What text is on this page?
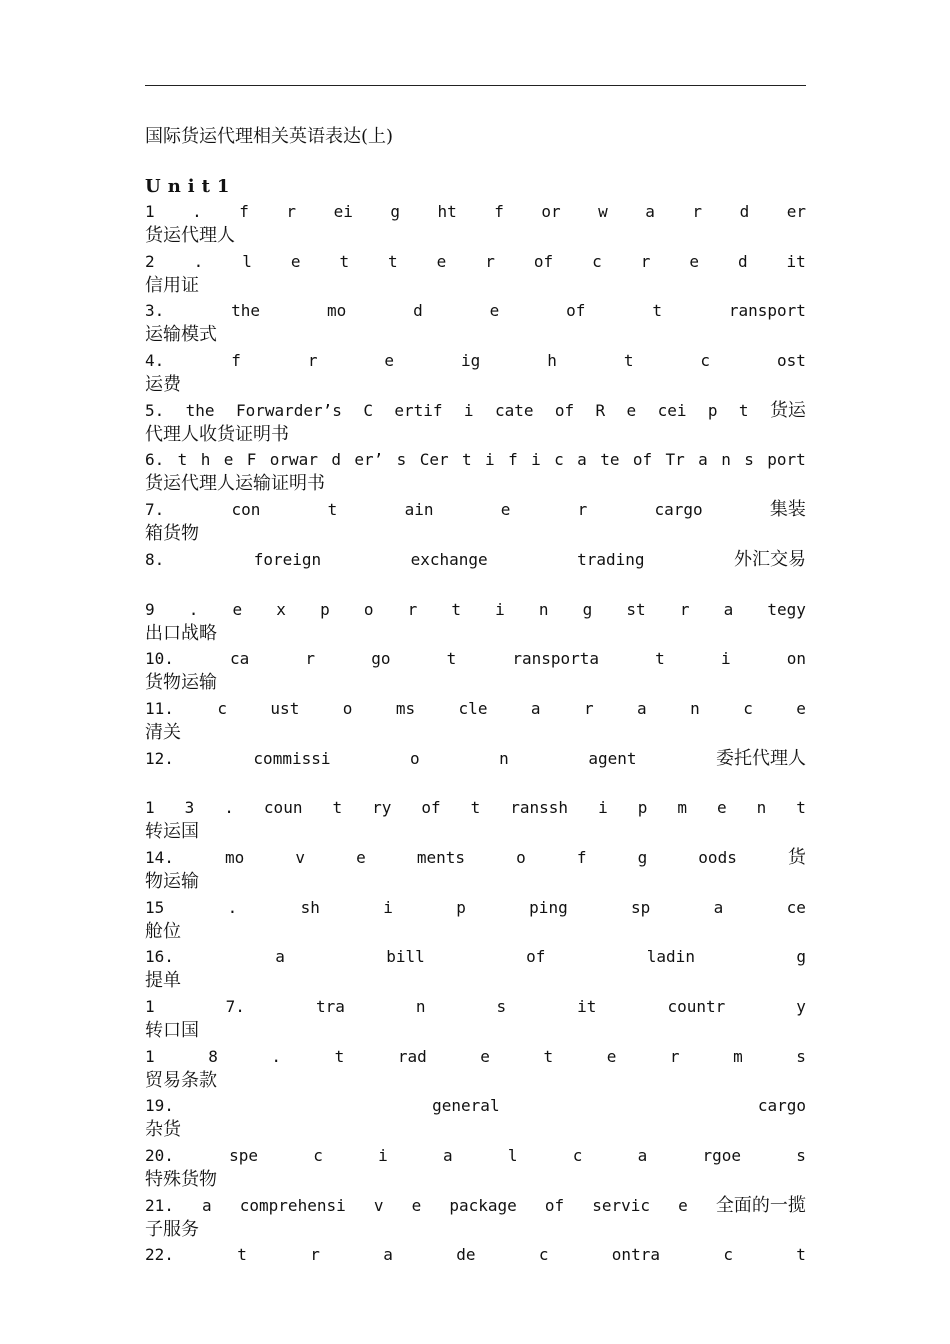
国际货运代理相关英语表达(上)
Unit1
1 . f r ei g ht f or w a r d er
货运代理人
2 . l e t t e r of c r e d it
信用证
3.	the	mo	d	e	of	t	ransport
运输模式
4.	f	r	e	ig	h	t	c	ost
运费
5. the Forwarder’s C ertif i cate of R e cei p t 货运
代理人收货证明书
6. t h e F orwar d er’ s Cer t i f i c a te of Tr a n s port
货运代理人运输证明书
7.	con	t	ain	e	r	cargo	集装
箱货物
8.	foreign	exchange	trading	外汇交易
9 . e x p o r t i n g st r a tegy
出口战略
10.	ca	r	go	t	ransporta	t	i	on
货物运输
11.	c	ust	o	ms	cle	a	r	a	n	c	e
清关
12.	commissi	o	n	agent	委托代理人
1 3 . coun t ry of t ranssh i p m e n t
转运国
14.	mo	v	e	ments	o	f	g	oods	货
物运输
15	.	sh	i	p	ping	sp	a	ce
舱位
16.	a	bill	of	ladin	g
提单
1	7.	tra	n	s	it	countr	y
转口国
1	8	.	t	rad	e	t	e	r	m	s
贸易条款
19.	general	cargo
杂货
20.	spe	c	i	a	l	c	a	rgoe	s
特殊货物
21. a comprehensi v e package of servic e 全面的一揽
子服务
22.	t	r	a	de	c	ontra	c	t
